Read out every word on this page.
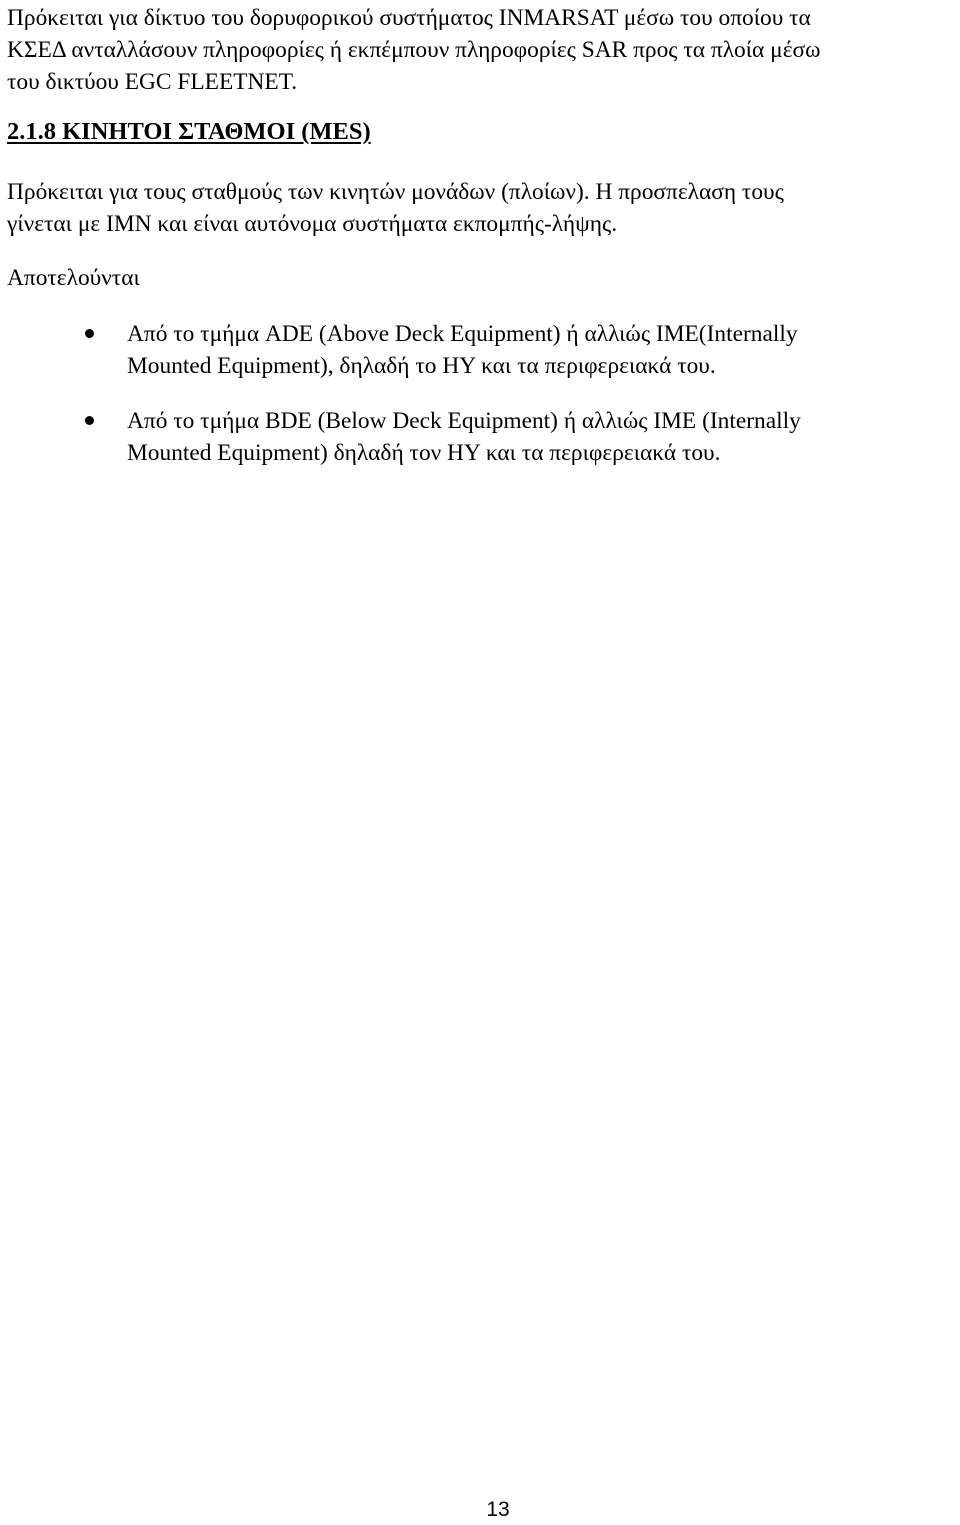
Πρόκειται για δίκτυο του δορυφορικού συστήματος INMARSAT μέσω του οποίου τα
ΚΣΕΔ ανταλλάσουν πληροφορίες ή εκπέμπουν πληροφορίες SAR προς τα πλοία μέσω
του δικτύου EGC FLEETNET.

2.1.8 ΚΙΝΗΤΟΙ ΣΤΑΘΜΟΙ (MES)

Πρόκειται για τους σταθμούς των κινητών μονάδων (πλοίων). Η προσπελαση τους
γίνεται με IMN και είναι αυτόνομα συστήματα εκπομπής-λήψης.

Αποτελούνται

Από το τμήμα ADE (Above Deck Equipment) ή αλλιώς IME(Internally
Mounted Equipment), δηλαδή το ΗΥ και τα περιφερειακά του.
Από το τμήμα BDE (Below Deck Equipment) ή αλλιώς IME (Internally
Mounted Equipment) δηλαδή τον ΗΥ και τα περιφερειακά του.
13
